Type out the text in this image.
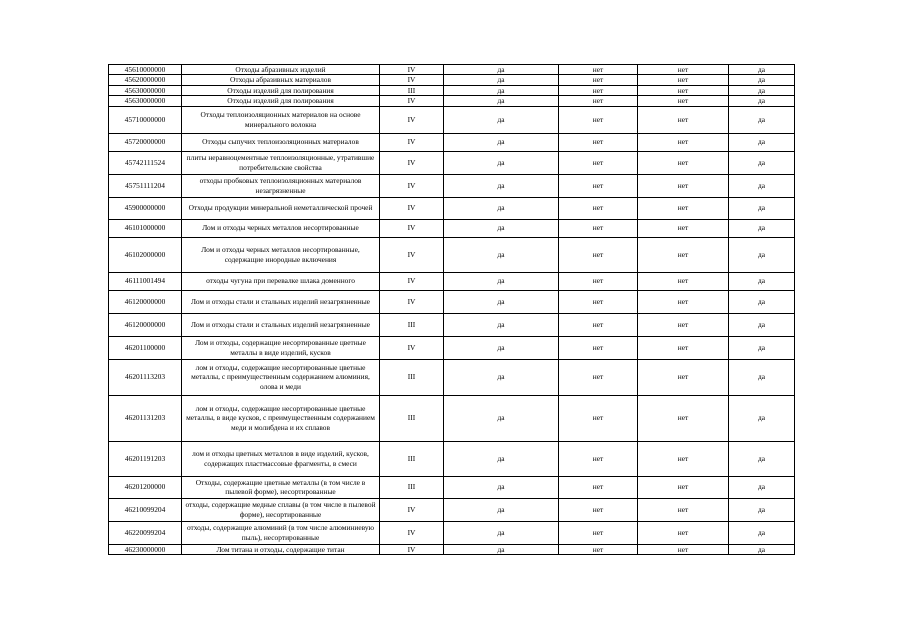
45610000000	Отходы абразивных изделий	IV	да	нет	нет	да
45620000000	Отходы абразивных материалов	IV	да	нет	нет	да
45630000000	Отходы изделий для полирования	III	да	нет	нет	да
45630000000	Отходы изделий для полирования	IV	да	нет	нет	да
45710000000	Отходы теплоизоляционных материалов на основе минерального волокна	IV	да	нет	нет	да
45720000000	Отходы сыпучих теплоизоляционных материалов	IV	да	нет	нет	да
45742111524	плиты неравноцементные теплоизоляционные, утратившие потребительские свойства	IV	да	нет	нет	да
45751111204	отходы пробковых теплоизоляционных материалов незагрязненные	IV	да	нет	нет	да
45900000000	Отходы продукции минеральной неметаллической прочей	IV	да	нет	нет	да
46101000000	Лом и отходы черных металлов несортированные	IV	да	нет	нет	да
46102000000	Лом и отходы черных металлов несортированные, содержащие инородные включения	IV	да	нет	нет	да
46111001494	отходы чугуна при перевалке шлака доменного	IV	да	нет	нет	да
46120000000	Лом и отходы стали и стальных изделий незагрязненные	IV	да	нет	нет	да
46120000000	Лом и отходы стали и стальных изделий незагрязненные	III	да	нет	нет	да
46201100000	Лом и отходы, содержащие несортированные цветные металлы в виде изделий, кусков	IV	да	нет	нет	да
46201113203	лом и отходы, содержащие несортированные цветные металлы, с преимущественным содержанием алюминия, олова и меди	III	да	нет	нет	да
46201131203	лом и отходы, содержащие несортированные цветные металлы, в виде кусков, с преимущественным содержанием меди и молибдена и их сплавов	III	да	нет	нет	да
46201191203	лом и отходы цветных металлов в виде изделий, кусков, содержащих пластмассовые фрагменты, в смеси	III	да	нет	нет	да
46201200000	Отходы, содержащие цветные металлы (в том числе в пылевой форме), несортированные	III	да	нет	нет	да
46210099204	отходы, содержащие медные сплавы (в том числе в пылевой форме), несортированные	IV	да	нет	нет	да
46220099204	отходы, содержащие алюминий (в том числе алюминиевую пыль), несортированные	IV	да	нет	нет	да
46230000000	Лом титана и отходы, содержащие титан	IV	да	нет	нет	да
